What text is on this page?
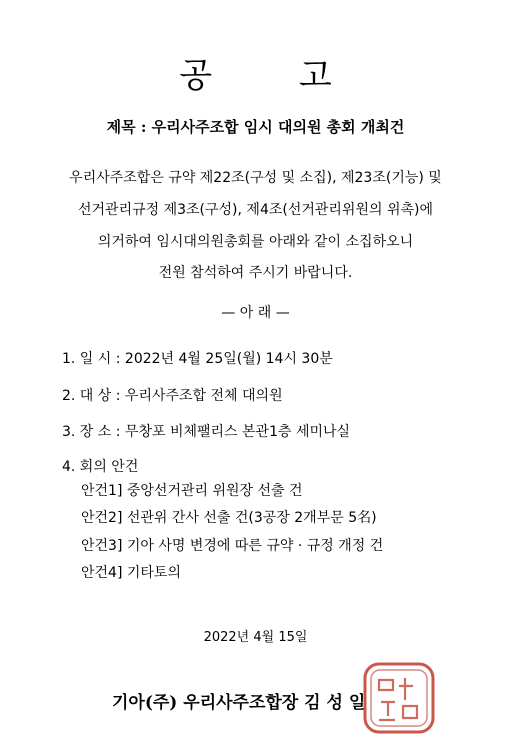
공 고
제목 : 우리사주조합 임시 대의원 총회 개최건
우리사주조합은 규약 제22조(구성 및 소집), 제23조(기능) 및
선거관리규정 제3조(구성), 제4조(선거관리위원의 위촉)에
의거하여 임시대의원총회를 아래와 같이 소집하오니
전원 참석하여 주시기 바랍니다.
— 아 래 —
1. 일 시 : 2022년 4월 25일(월) 14시 30분
2. 대 상 : 우리사주조합 전체 대의원
3. 장 소 : 무창포 비체팰리스 본관1층 세미나실
4. 회의 안건
안건1] 중앙선거관리 위원장 선출 건
안건2] 선관위 간사 선출 건(3공장 2개부문 5名)
안건3] 기아 사명 변경에 따른 규약 · 규정 개정 건
안건4] 기타토의
2022년 4월 15일
기아(주) 우리사주조합장 김 성 일
